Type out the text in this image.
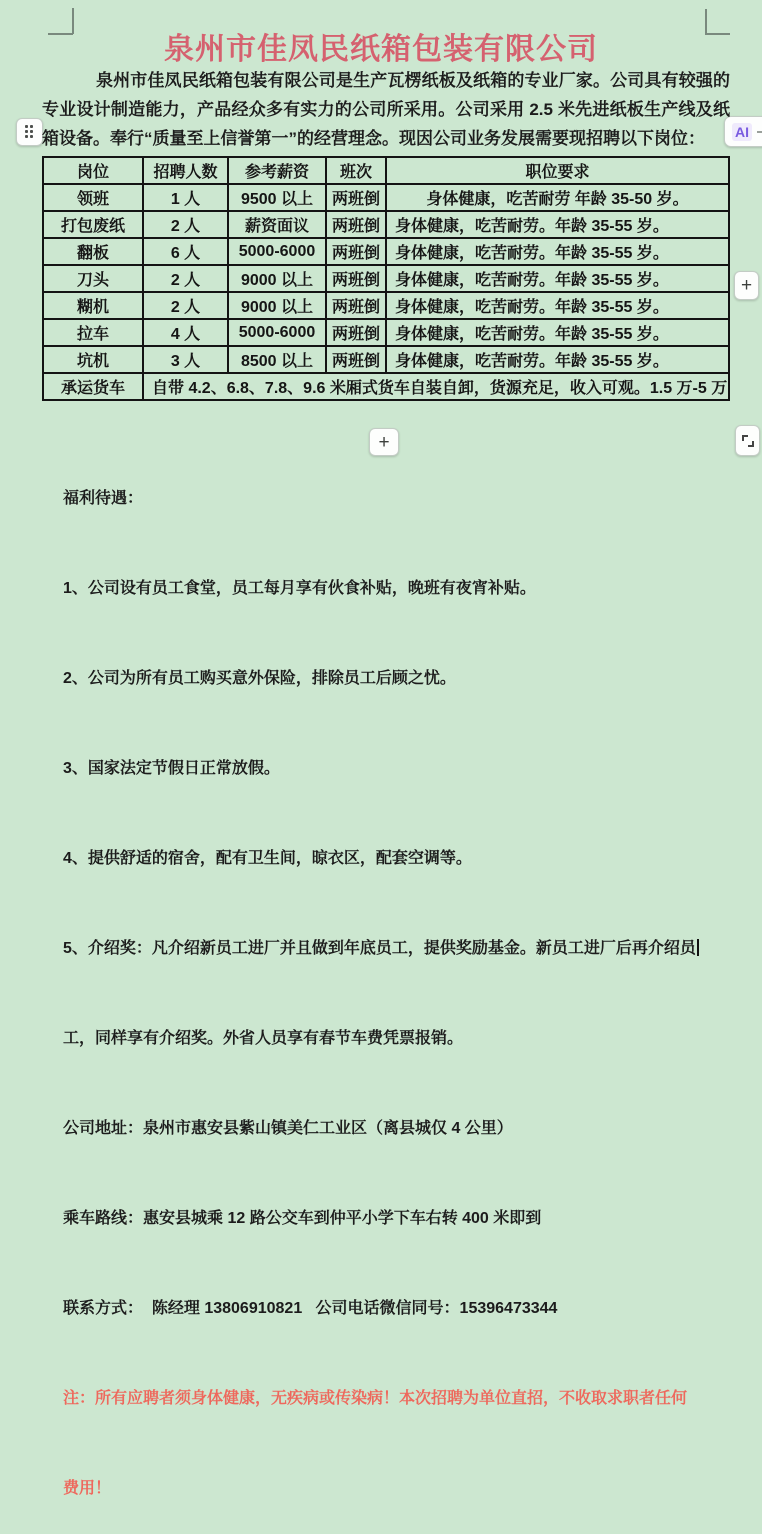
AI
+
+
泉州市佳凤民纸箱包装有限公司
泉州市佳凤民纸箱包装有限公司是生产瓦楞纸板及纸箱的专业厂家。公司具有较强的
专业设计制造能力，产品经众多有实力的公司所采用。公司采用 2.5 米先进纸板生产线及纸
箱设备。奉行“质量至上信誉第一”的经营理念。现因公司业务发展需要现招聘以下岗位：
岗位	招聘人数	参考薪资	班次	职位要求
领班	1 人	9500 以上	两班倒	身体健康，吃苦耐劳 年龄 35-50 岁。
打包废纸	2 人	薪资面议	两班倒	身体健康，吃苦耐劳。年龄 35-55 岁。
翻板	6 人	5000-6000	两班倒	身体健康，吃苦耐劳。年龄 35-55 岁。
刀头	2 人	9000 以上	两班倒	身体健康，吃苦耐劳。年龄 35-55 岁。
糊机	2 人	9000 以上	两班倒	身体健康，吃苦耐劳。年龄 35-55 岁。
拉车	4 人	5000-6000	两班倒	身体健康，吃苦耐劳。年龄 35-55 岁。
坑机	3 人	8500 以上	两班倒	身体健康，吃苦耐劳。年龄 35-55 岁。
承运货车	自带 4.2、6.8、7.8、9.6 米厢式货车自装自卸，货源充足，收入可观。1.5 万-5 万			

福利待遇：

1、公司设有员工食堂，员工每月享有伙食补贴，晚班有夜宵补贴。

2、公司为所有员工购买意外保险，排除员工后顾之忧。

3、国家法定节假日正常放假。

4、提供舒适的宿舍，配有卫生间，晾衣区，配套空调等。

5、介绍奖：凡介绍新员工进厂并且做到年底员工，提供奖励基金。新员工进厂后再介绍员

工，同样享有介绍奖。外省人员享有春节车费凭票报销。

公司地址：泉州市惠安县紫山镇美仁工业区（离县城仅 4 公里）

乘车路线：惠安县城乘 12 路公交车到仲平小学下车右转 400 米即到

联系方式：  陈经理 13806910821   公司电话微信同号：15396473344

注：所有应聘者须身体健康，无疾病或传染病！本次招聘为单位直招，不收取求职者任何

费用！
